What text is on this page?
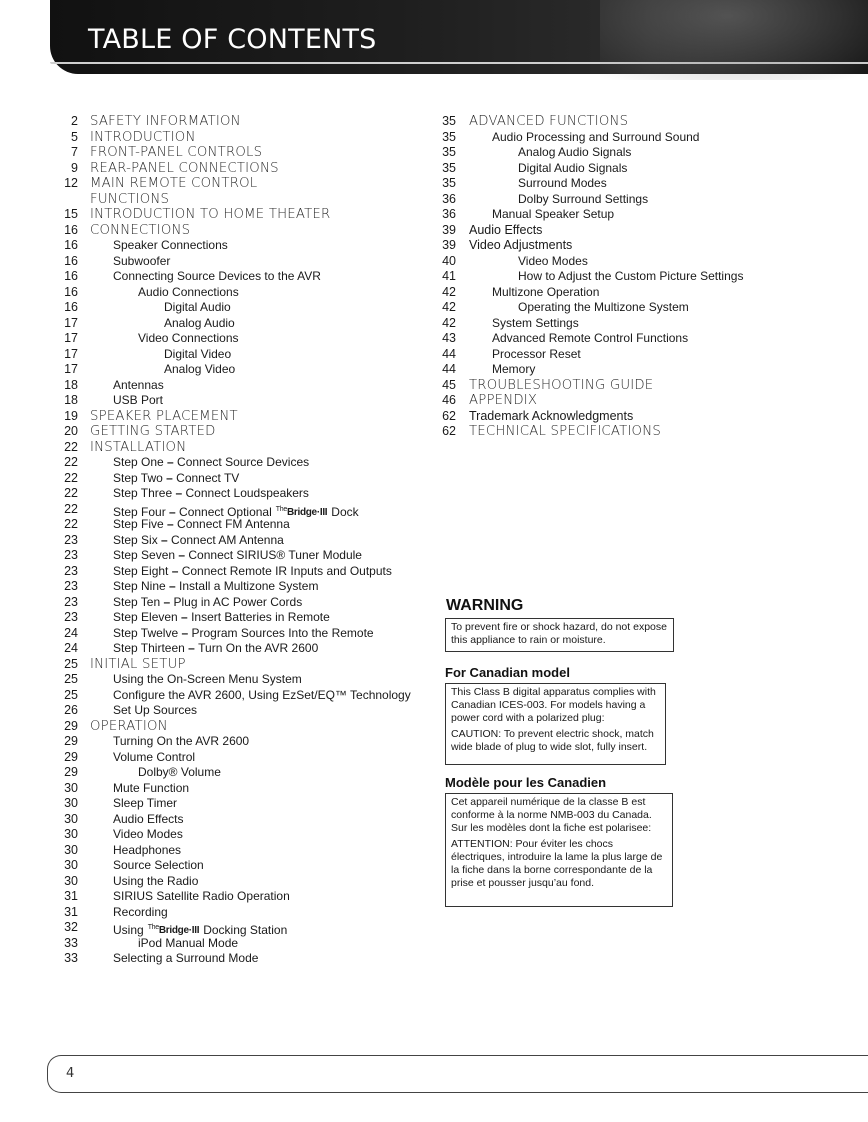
TABLE OF CONTENTS
2 SAFETY INFORMATION
5 INTRODUCTION
7 FRONT-PANEL CONTROLS
9 REAR-PANEL CONNECTIONS
12 MAIN REMOTE CONTROL FUNCTIONS
15 INTRODUCTION TO HOME THEATER
16 CONNECTIONS
16	Speaker Connections
16	Subwoofer
16	Connecting Source Devices to the AVR
16	Audio Connections
16	Digital Audio
17	Analog Audio
17	Video Connections
17	Digital Video
17	Analog Video
18	Antennas
18	USB Port
19 SPEAKER PLACEMENT
20 GETTING STARTED
22 INSTALLATION
22	Step One – Connect Source Devices
22	Step Two – Connect TV
22	Step Three – Connect Loudspeakers
22	Step Four – Connect Optional $^{The}$Bridge·III Dock
22	Step Five – Connect FM Antenna
23	Step Six – Connect AM Antenna
23	Step Seven – Connect SIRIUS® Tuner Module
23	Step Eight – Connect Remote IR Inputs and Outputs
23	Step Nine – Install a Multizone System
23	Step Ten – Plug in AC Power Cords
23	Step Eleven – Insert Batteries in Remote
24	Step Twelve – Program Sources Into the Remote
24	Step Thirteen – Turn On the AVR 2600
25 INITIAL SETUP
25	Using the On-Screen Menu System
25	Configure the AVR 2600, Using EzSet/EQ™ Technology
26	Set Up Sources
29 OPERATION
29	Turning On the AVR 2600
29	Volume Control
29	Dolby® Volume
30	Mute Function
30	Sleep Timer
30	Audio Effects
30	Video Modes
30	Headphones
30	Source Selection
30	Using the Radio
31	SIRIUS Satellite Radio Operation
31	Recording
32	Using $^{The}$Bridge·III Docking Station
33	iPod Manual Mode
33	Selecting a Surround Mode
35 ADVANCED FUNCTIONS
35	Audio Processing and Surround Sound
35	Analog Audio Signals
35	Digital Audio Signals
35	Surround Modes
36	Dolby Surround Settings
36	Manual Speaker Setup
39 Audio Effects
39 Video Adjustments
40	Video Modes
41	How to Adjust the Custom Picture Settings
42	Multizone Operation
42	Operating the Multizone System
42	System Settings
43	Advanced Remote Control Functions
44	Processor Reset
44	Memory
45 TROUBLESHOOTING GUIDE
46 APPENDIX
62 Trademark Acknowledgments
62 TECHNICAL SPECIFICATIONS
WARNING

To prevent fire or shock hazard, do not expose this appliance to rain or moisture.

For Canadian model

This Class B digital apparatus complies with Canadian ICES-003. For models having a power cord with a polarized plug:

CAUTION: To prevent electric shock, match wide blade of plug to wide slot, fully insert.

Modèle pour les Canadien

Cet appareil numérique de la classe B est conforme à la norme NMB-003 du Canada. Sur les modèles dont la fiche est polarisee:

ATTENTION: Pour éviter les chocs électriques, introduire la lame la plus large de la fiche dans la borne correspondante de la prise et pousser jusqu’au fond.

4
